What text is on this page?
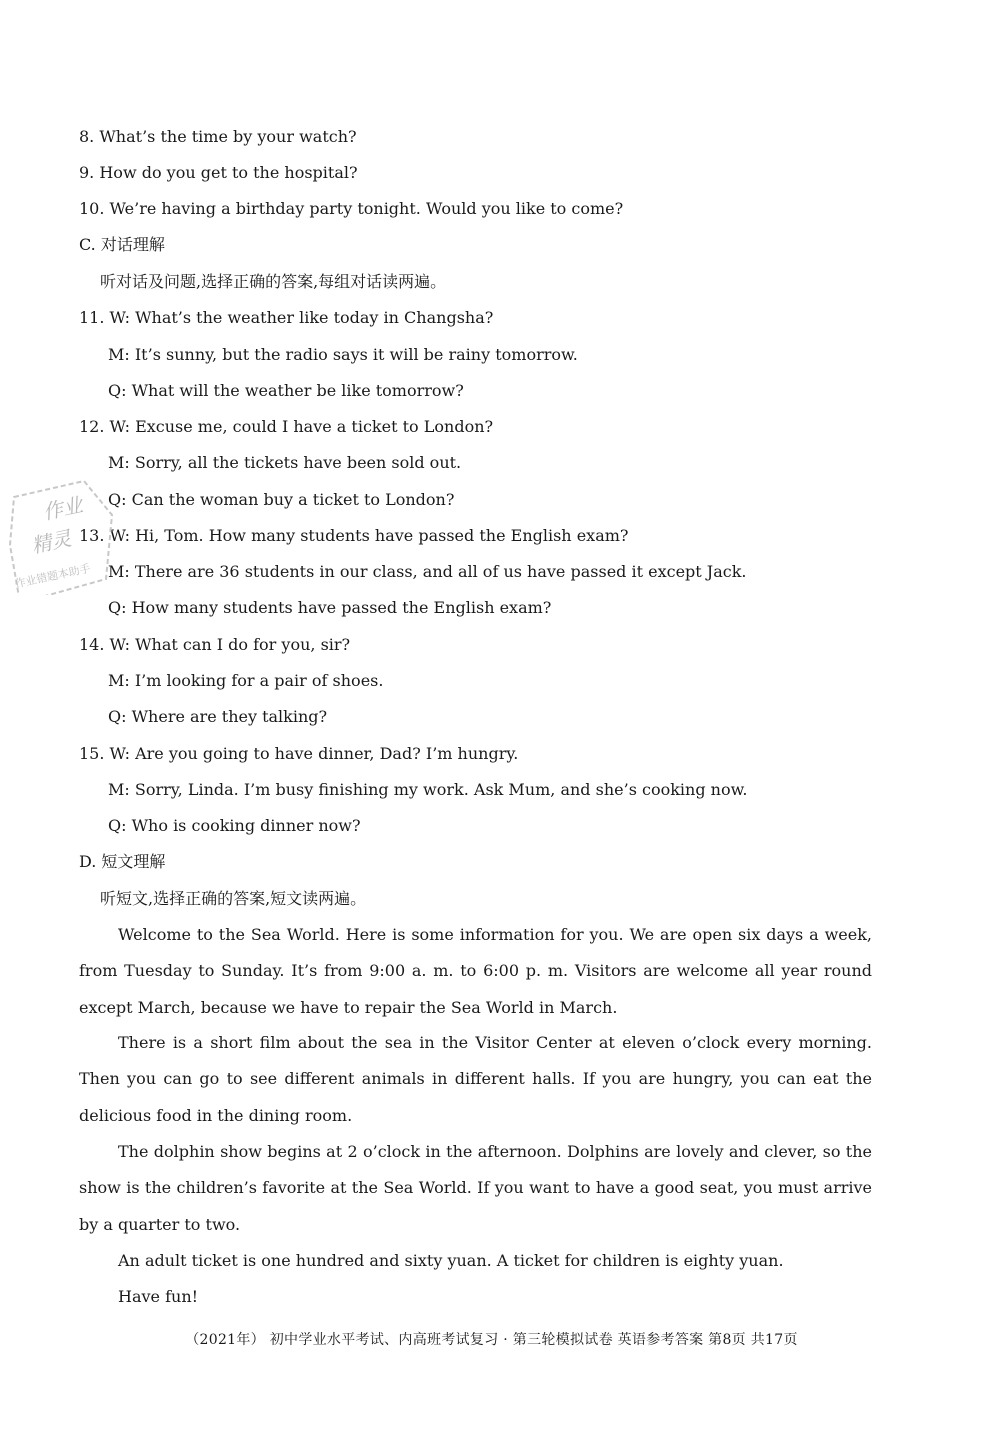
8. What’s the time by your watch?
9. How do you get to the hospital?
10. We’re having a birthday party tonight. Would you like to come?
C. 对话理解
听对话及问题,选择正确的答案,每组对话读两遍。
11. W: What’s the weather like today in Changsha?
M: It’s sunny, but the radio says it will be rainy tomorrow.
Q: What will the weather be like tomorrow?
12. W: Excuse me, could I have a ticket to London?
M: Sorry, all the tickets have been sold out.
Q: Can the woman buy a ticket to London?
13. W: Hi, Tom. How many students have passed the English exam?
M: There are 36 students in our class, and all of us have passed it except Jack.
Q: How many students have passed the English exam?
14. W: What can I do for you, sir?
M: I’m looking for a pair of shoes.
Q: Where are they talking?
15. W: Are you going to have dinner, Dad? I’m hungry.
M: Sorry, Linda. I’m busy finishing my work. Ask Mum, and she’s cooking now.
Q: Who is cooking dinner now?
D. 短文理解
听短文,选择正确的答案,短文读两遍。
Welcome to the Sea World. Here is some information for you. We are open six days a week, from Tuesday to Sunday. It’s from 9:00 a. m. to 6:00 p. m. Visitors are welcome all year round except March, because we have to repair the Sea World in March.
There is a short film about the sea in the Visitor Center at eleven o’clock every morning. Then you can go to see different animals in different halls. If you are hungry, you can eat the delicious food in the dining room.
The dolphin show begins at 2 o’clock in the afternoon. Dolphins are lovely and clever, so the show is the children’s favorite at the Sea World. If you want to have a good seat, you must arrive by a quarter to two.
An adult ticket is one hundred and sixty yuan. A ticket for children is eighty yuan.
Have fun!
（2021年） 初中学业水平考试、内高班考试复习 · 第三轮模拟试卷 英语参考答案 第8页 共17页
作业
精灵
作业错题本助手
